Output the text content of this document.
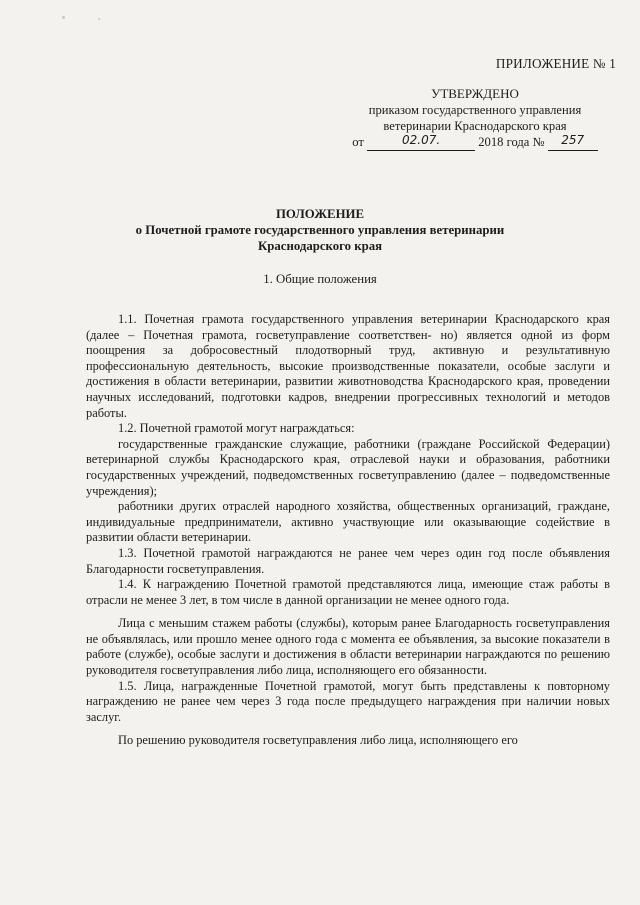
ПРИЛОЖЕНИЕ № 1
УТВЕРЖДЕНО
приказом государственного управления
ветеринарии Краснодарского края
от	02.07.	2018 года № 257
ПОЛОЖЕНИЕ
о Почетной грамоте государственного управления ветеринарии
Краснодарского края
1. Общие положения

1.1. Почетная грамота государственного управления ветеринарии Краснодарского края (далее – Почетная грамота, госветуправление соответствен- но) является одной из форм поощрения за добросовестный плодотворный труд, активную и результативную профессиональную деятельность, высокие производственные показатели, особые заслуги и достижения в области ветеринарии, развитии животноводства Краснодарского края, проведении научных исследований, подготовки кадров, внедрении прогрессивных технологий и методов работы.

1.2. Почетной грамотой могут награждаться:

государственные гражданские служащие, работники (граждане Российской Федерации) ветеринарной службы Краснодарского края, отраслевой науки и образования, работники государственных учреждений, подведомственных госветуправлению (далее – подведомственные учреждения);

работники других отраслей народного хозяйства, общественных организаций, граждане, индивидуальные предприниматели, активно участвующие или оказывающие содействие в развитии области ветеринарии.

1.3. Почетной грамотой награждаются не ранее чем через один год после объявления Благодарности госветуправления.

1.4. К награждению Почетной грамотой представляются лица, имеющие стаж работы в отрасли не менее 3 лет, в том числе в данной организации не менее одного года.

Лица с меньшим стажем работы (службы), которым ранее Благодарность госветуправления не объявлялась, или прошло менее одного года с момента ее объявления, за высокие показатели в работе (службе), особые заслуги и достижения в области ветеринарии награждаются по решению руководителя госветуправления либо лица, исполняющего его обязанности.

1.5. Лица, награжденные Почетной грамотой, могут быть представлены к повторному награждению не ранее чем через 3 года после предыдущего награждения при наличии новых заслуг.

По решению руководителя госветуправления либо лица, исполняющего его
